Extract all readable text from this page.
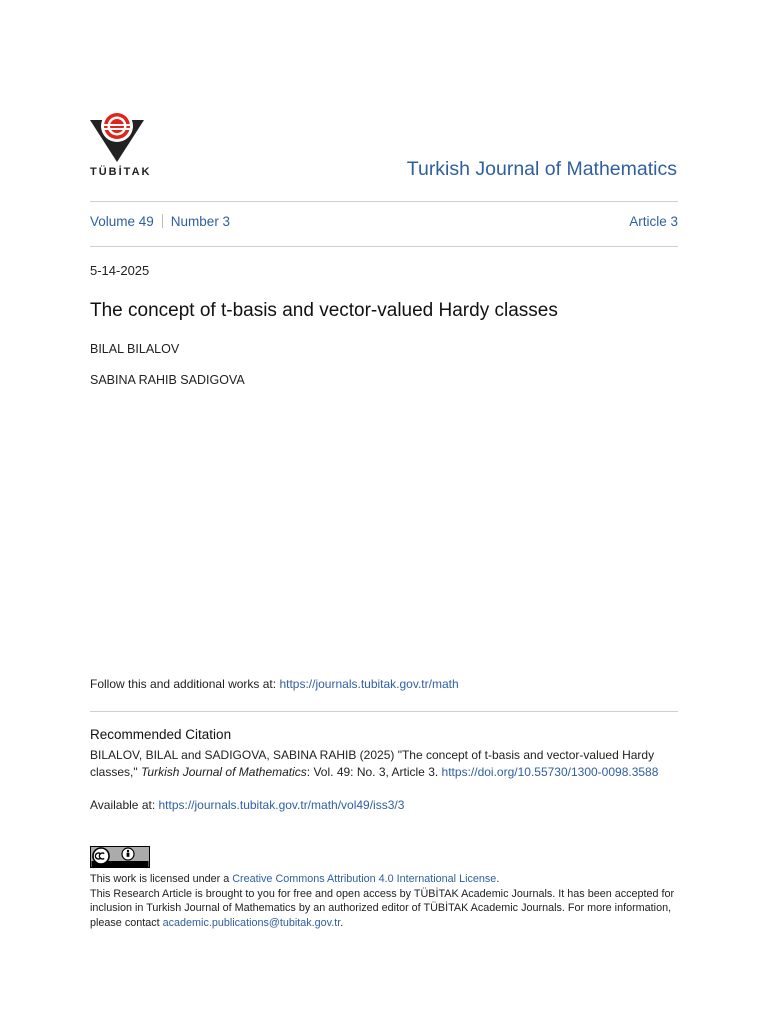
TÜBİTAK	Turkish Journal of Mathematics
Volume 49 Number 3	Article 3
5-14-2025
The concept of t-basis and vector-valued Hardy classes
BILAL BILALOV
SABINA RAHIB SADIGOVA
Follow this and additional works at: https://journals.tubitak.gov.tr/math
Recommended Citation
BILALOV, BILAL and SADIGOVA, SABINA RAHIB (2025) "The concept of t-basis and vector-valued Hardy classes," Turkish Journal of Mathematics: Vol. 49: No. 3, Article 3. https://doi.org/10.55730/1300-0098.3588
Available at: https://journals.tubitak.gov.tr/math/vol49/iss3/3
This work is licensed under a Creative Commons Attribution 4.0 International License.
This Research Article is brought to you for free and open access by TÜBİTAK Academic Journals. It has been accepted for inclusion in Turkish Journal of Mathematics by an authorized editor of TÜBİTAK Academic Journals. For more information, please contact academic.publications@tubitak.gov.tr.
